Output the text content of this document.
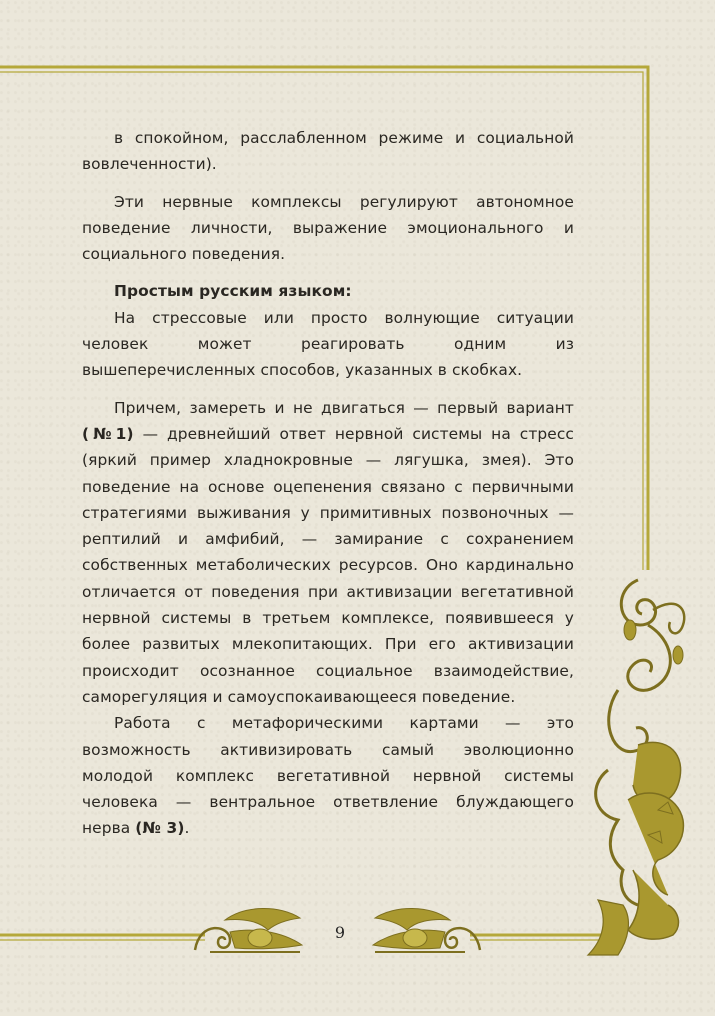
9

в спокойном, расслабленном режиме и социальной вовлеченности).

Эти нервные комплексы регулируют автономное поведение личности, выражение эмоционального и социального поведения.

Простым русским языком:

На стрессовые или просто волнующие ситуации человек может реагировать одним из вышеперечисленных способов, указанных в скобках.

Причем, замереть и не двигаться — первый вариант (№1) — древнейший ответ нервной системы на стресс (яркий пример хладнокровные — лягушка, змея). Это поведение на основе оцепенения связано с первичными стратегиями выживания у примитивных позвоночных — рептилий и амфибий, — замирание с сохранением собственных метаболических ресурсов. Оно кардинально отличается от поведения при активизации вегетативной нервной системы в третьем комплексе, появившееся у более развитых млекопитающих. При его активизации происходит осознанное социальное взаимодействие, саморегуляция и самоуспокаивающееся поведение.

Работа с метафорическими картами — это возможность активизировать самый эволюционно молодой комплекс вегетативной нервной системы человека — вентральное ответвление блуждающего нерва (№ 3).
